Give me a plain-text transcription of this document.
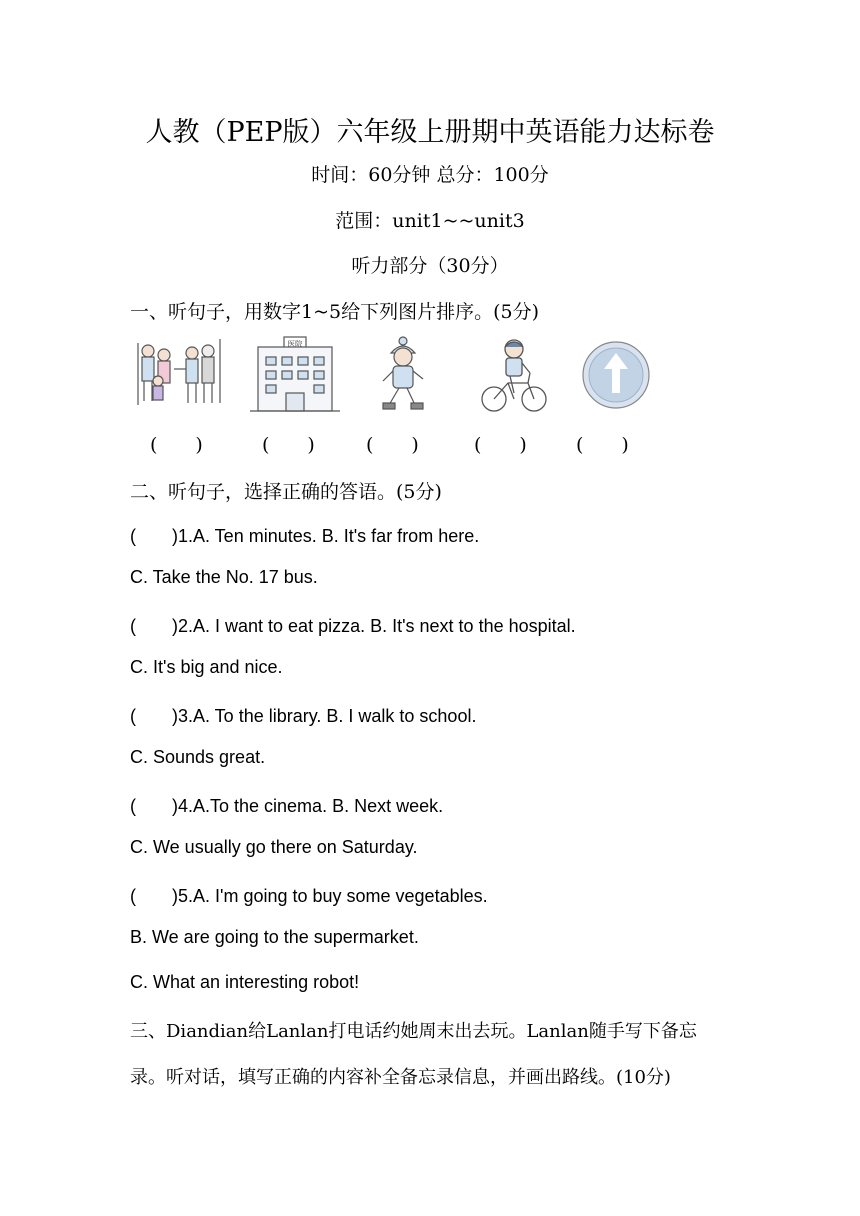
人教（PEP版）六年级上册期中英语能力达标卷
时间：60分钟 总分：100分
范围：unit1~~unit3
听力部分（30分）
一、听句子，用数字1~5给下列图片排序。(5分)
医院
(　　)	(　　)	(　　)	(　　)	(　　)
二、听句子，选择正确的答语。(5分)
(　　)1.A. Ten minutes. B. It's far from here.
C. Take the No. 17 bus.
(　　)2.A. I want to eat pizza. B. It's next to the hospital.
C. It's big and nice.
(　　)3.A. To the library. B. I walk to school.
C. Sounds great.
(　　)4.A.To the cinema. B. Next week.
C. We usually go there on Saturday.
(　　)5.A. I'm going to buy some vegetables.
B. We are going to the supermarket.
C. What an interesting robot!
三、Diandian给Lanlan打电话约她周末出去玩。Lanlan随手写下备忘
录。听对话，填写正确的内容补全备忘录信息，并画出路线。(10分)
